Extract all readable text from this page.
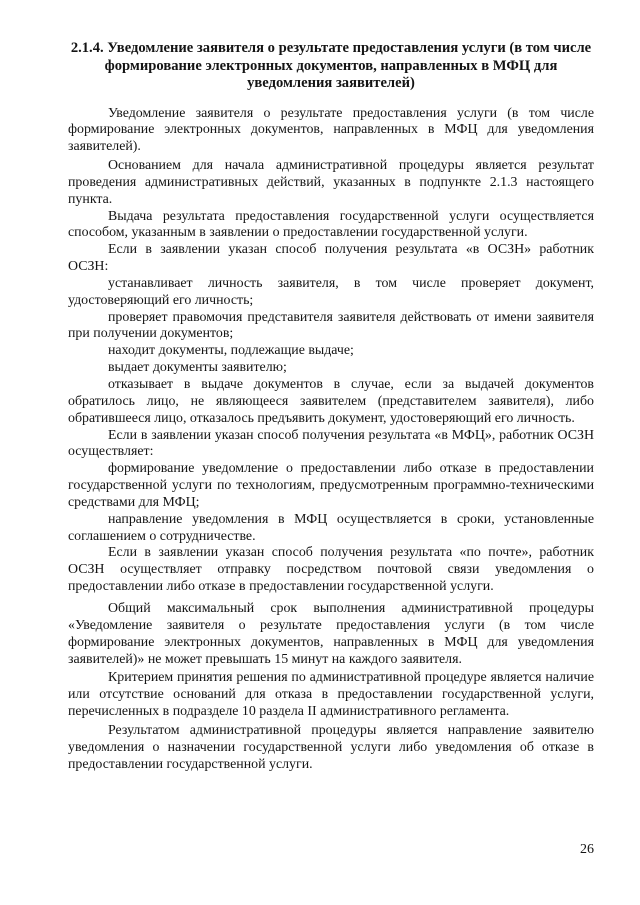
2.1.4. Уведомление заявителя о результате предоставления услуги (в том числе формирование электронных документов, направленных в МФЦ для уведомления заявителей)

Уведомление заявителя о результате предоставления услуги (в том числе формирование электронных документов, направленных в МФЦ для уведомления заявителей).

Основанием для начала административной процедуры является результат проведения административных действий, указанных в подпункте 2.1.3 настоящего пункта.

Выдача результата предоставления государственной услуги осуществляется способом, указанным в заявлении о предоставлении государственной услуги.

Если в заявлении указан способ получения результата «в ОСЗН» работник ОСЗН:

устанавливает личность заявителя, в том числе проверяет документ, удостоверяющий его личность;

проверяет правомочия представителя заявителя действовать от имени заявителя при получении документов;

находит документы, подлежащие выдаче;

выдает документы заявителю;

отказывает в выдаче документов в случае, если за выдачей документов обратилось лицо, не являющееся заявителем (представителем заявителя), либо обратившееся лицо, отказалось предъявить документ, удостоверяющий его личность.

Если в заявлении указан способ получения результата «в МФЦ», работник ОСЗН осуществляет:

формирование уведомление о предоставлении либо отказе в предоставлении государственной услуги по технологиям, предусмотренным программно-техническими средствами для МФЦ;

направление уведомления в МФЦ осуществляется в сроки, установленные соглашением о сотрудничестве.

Если в заявлении указан способ получения результата «по почте», работник ОСЗН осуществляет отправку посредством почтовой связи уведомления о предоставлении либо отказе в предоставлении государственной услуги.

Общий максимальный срок выполнения административной процедуры «Уведомление заявителя о результате предоставления услуги (в том числе формирование электронных документов, направленных в МФЦ для уведомления заявителей)» не может превышать 15 минут на каждого заявителя.

Критерием принятия решения по административной процедуре является наличие или отсутствие оснований для отказа в предоставлении государственной услуги, перечисленных в подразделе 10 раздела II административного регламента.

Результатом административной процедуры является направление заявителю уведомления о назначении государственной услуги либо уведомления об отказе в предоставлении государственной услуги.

26
